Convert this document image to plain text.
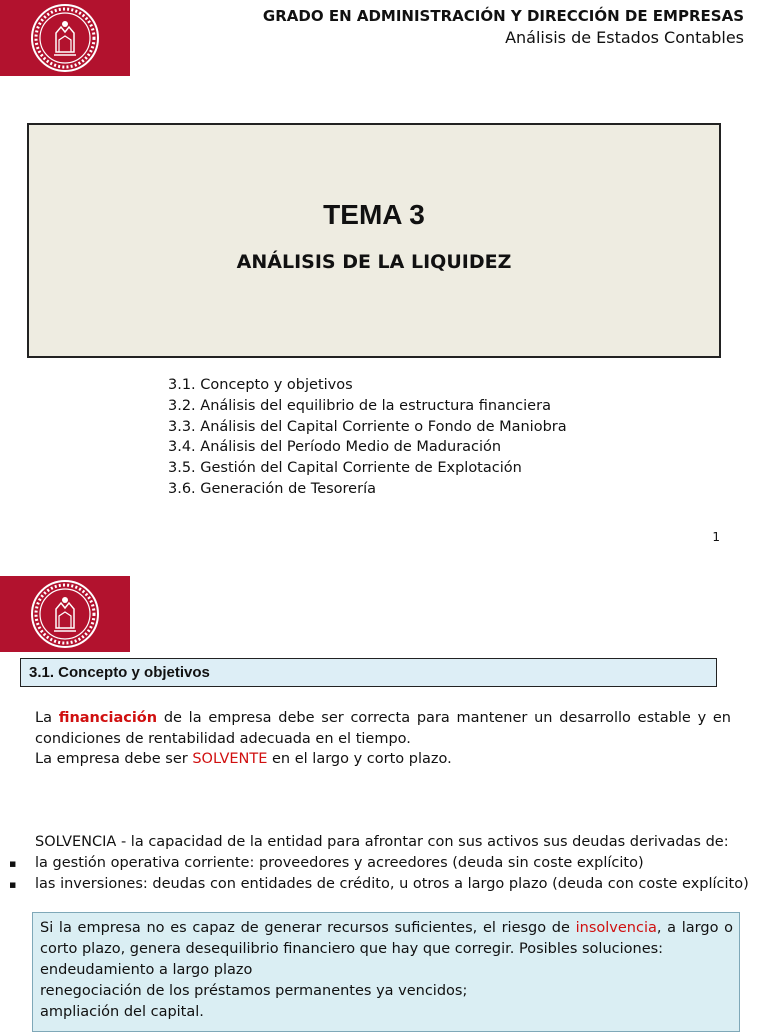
GRADO EN ADMINISTRACIÓN Y DIRECCIÓN DE EMPRESAS
Análisis de Estados Contables
TEMA 3
ANÁLISIS DE LA LIQUIDEZ
3.1. Concepto y objetivos
3.2. Análisis del equilibrio de la estructura financiera
3.3. Análisis del Capital Corriente o Fondo de Maniobra
3.4. Análisis del Período Medio de Maduración
3.5. Gestión del Capital Corriente de Explotación
3.6. Generación de Tesorería
1
3.1. Concepto y objetivos

La financiación de la empresa debe ser correcta para mantener un desarrollo estable y en condiciones de rentabilidad adecuada en el tiempo.

La empresa debe ser SOLVENTE en el largo y corto plazo.

SOLVENCIA - la capacidad de la entidad para afrontar con sus activos sus deudas derivadas de:

▪ la gestión operativa corriente: proveedores y acreedores (deuda sin coste explícito)
▪ las inversiones: deudas con entidades de crédito, u otros a largo plazo (deuda con coste explícito)

Si la empresa no es capaz de generar recursos suficientes, el riesgo de insolvencia, a largo o corto plazo, genera desequilibrio financiero que hay que corregir. Posibles soluciones:

endeudamiento a largo plazo
renegociación de los préstamos permanentes ya vencidos;
ampliación del capital.
